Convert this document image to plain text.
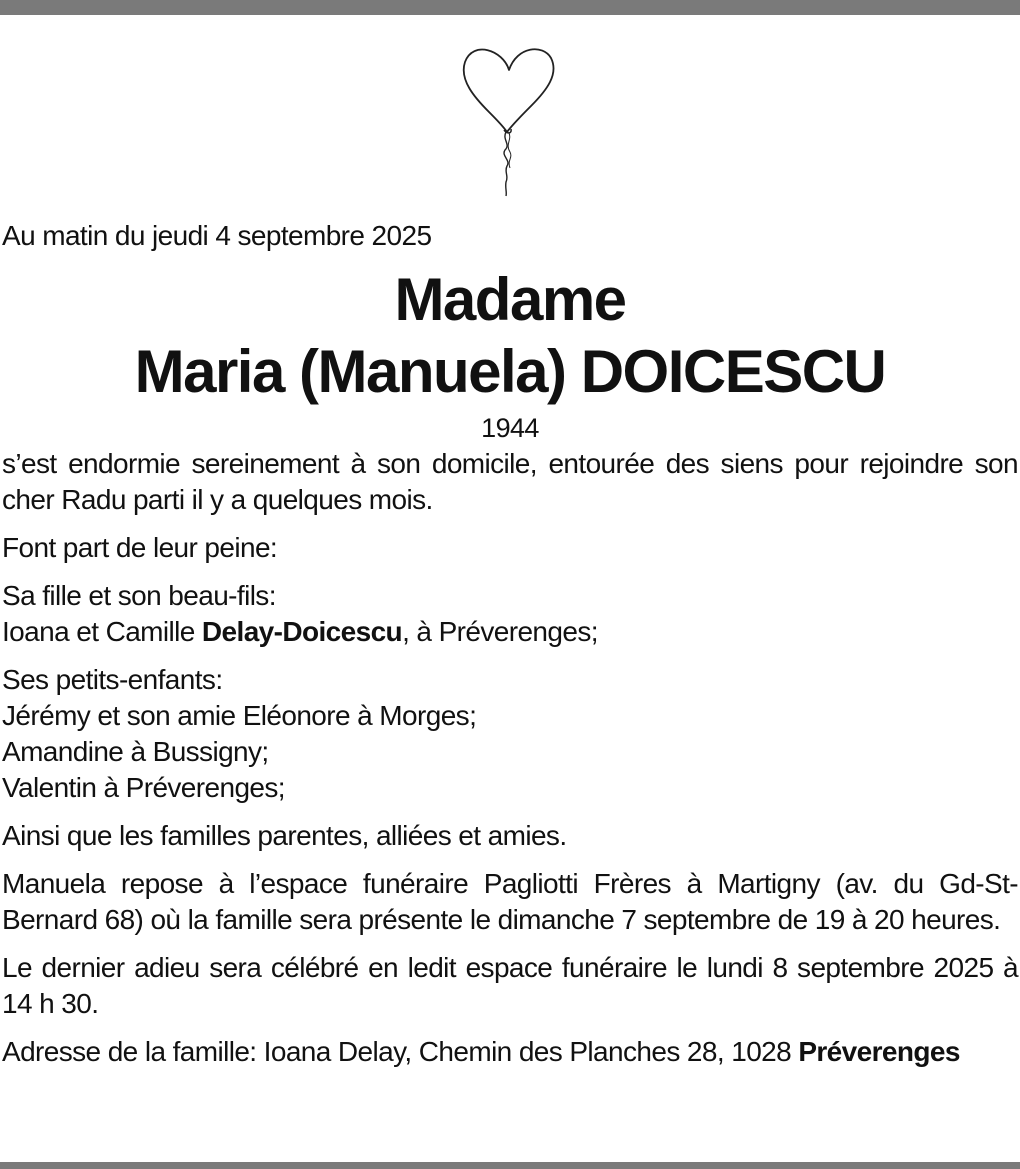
Au matin du jeudi 4 septembre 2025

Madame
Maria (Manuela) DOICESCU

1944

s’est endormie sereinement à son domicile, entourée des siens pour rejoindre son cher Radu parti il y a quelques mois.

Font part de leur peine:

Sa fille et son beau-fils:
Ioana et Camille Delay-Doicescu, à Préverenges;

Ses petits-enfants:
Jérémy et son amie Eléonore à Morges;
Amandine à Bussigny;
Valentin à Préverenges;

Ainsi que les familles parentes, alliées et amies.

Manuela repose à l’espace funéraire Pagliotti Frères à Martigny (av. du Gd-St-Bernard 68) où la famille sera présente le dimanche 7 septembre de 19 à 20 heures.

Le dernier adieu sera célébré en ledit espace funéraire le lundi 8 septembre 2025 à 14 h 30.

Adresse de la famille: Ioana Delay, Chemin des Planches 28, 1028 Préverenges
